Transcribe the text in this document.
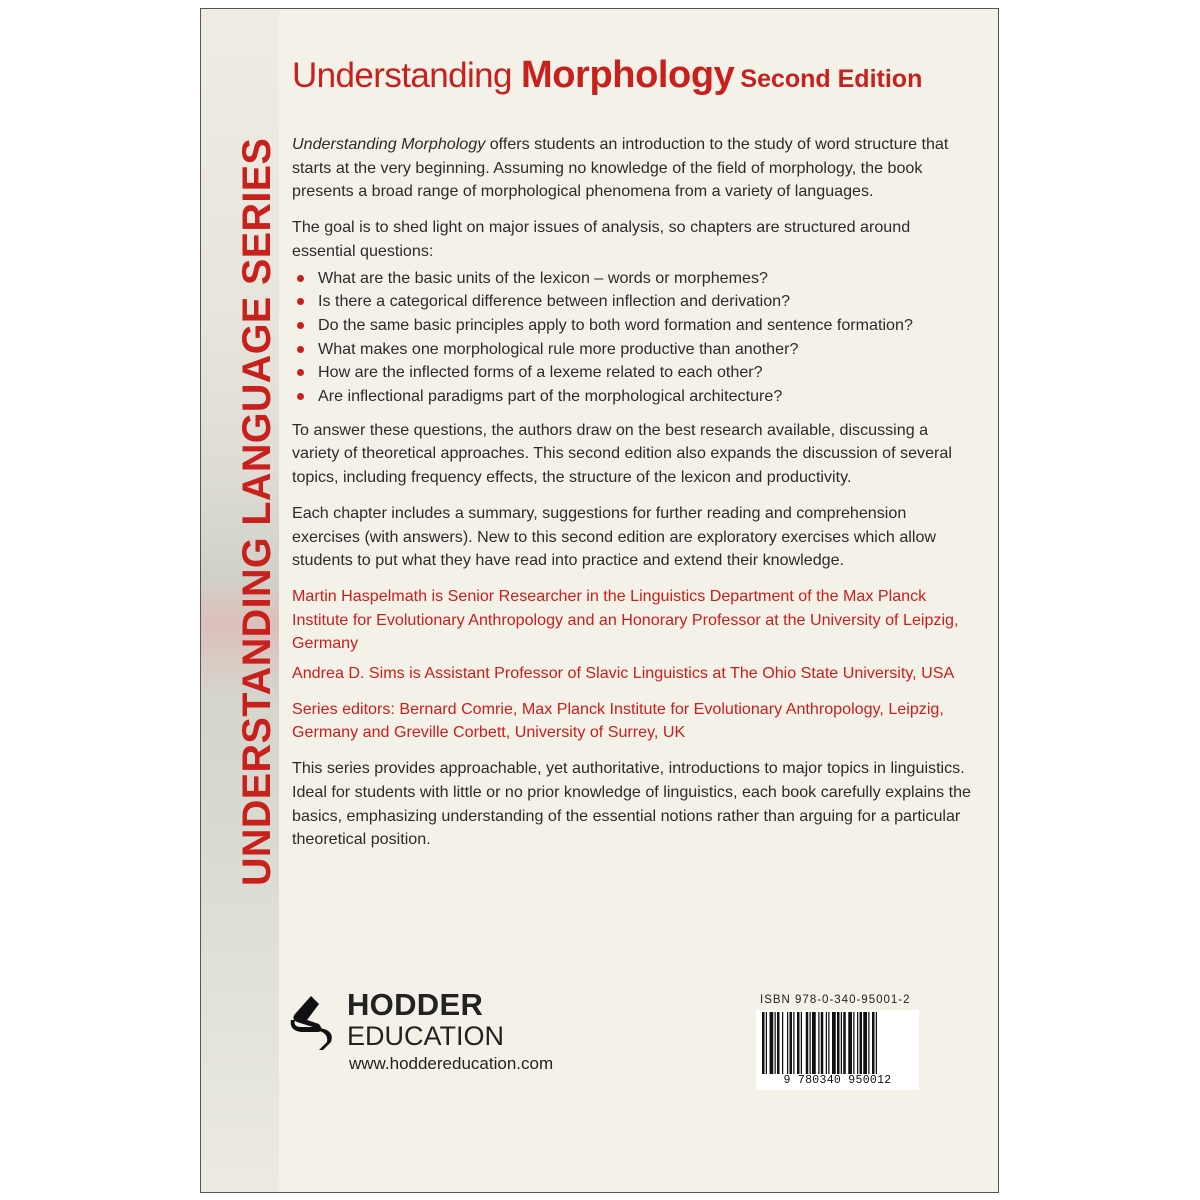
UNDERSTANDING LANGUAGE SERIES
Understanding Morphology Second Edition

Understanding Morphology offers students an introduction to the study of word structure that starts at the very beginning. Assuming no knowledge of the field of morphology, the book presents a broad range of morphological phenomena from a variety of languages.

The goal is to shed light on major issues of analysis, so chapters are structured around essential questions:

What are the basic units of the lexicon – words or morphemes?
Is there a categorical difference between inflection and derivation?
Do the same basic principles apply to both word formation and sentence formation?
What makes one morphological rule more productive than another?
How are the inflected forms of a lexeme related to each other?
Are inflectional paradigms part of the morphological architecture?

To answer these questions, the authors draw on the best research available, discussing a variety of theoretical approaches. This second edition also expands the discussion of several topics, including frequency effects, the structure of the lexicon and productivity.

Each chapter includes a summary, suggestions for further reading and comprehension exercises (with answers). New to this second edition are exploratory exercises which allow students to put what they have read into practice and extend their knowledge.

Martin Haspelmath is Senior Researcher in the Linguistics Department of the Max Planck Institute for Evolutionary Anthropology and an Honorary Professor at the University of Leipzig, Germany

Andrea D. Sims is Assistant Professor of Slavic Linguistics at The Ohio State University, USA

Series editors: Bernard Comrie, Max Planck Institute for Evolutionary Anthropology, Leipzig, Germany and Greville Corbett, University of Surrey, UK

This series provides approachable, yet authoritative, introductions to major topics in linguistics. Ideal for students with little or no prior knowledge of linguistics, each book carefully explains the basics, emphasizing understanding of the essential notions rather than arguing for a particular theoretical position.

HODDER
EDUCATION
www.hoddereducation.com
ISBN 978-0-340-95001-2
9 780340 950012
